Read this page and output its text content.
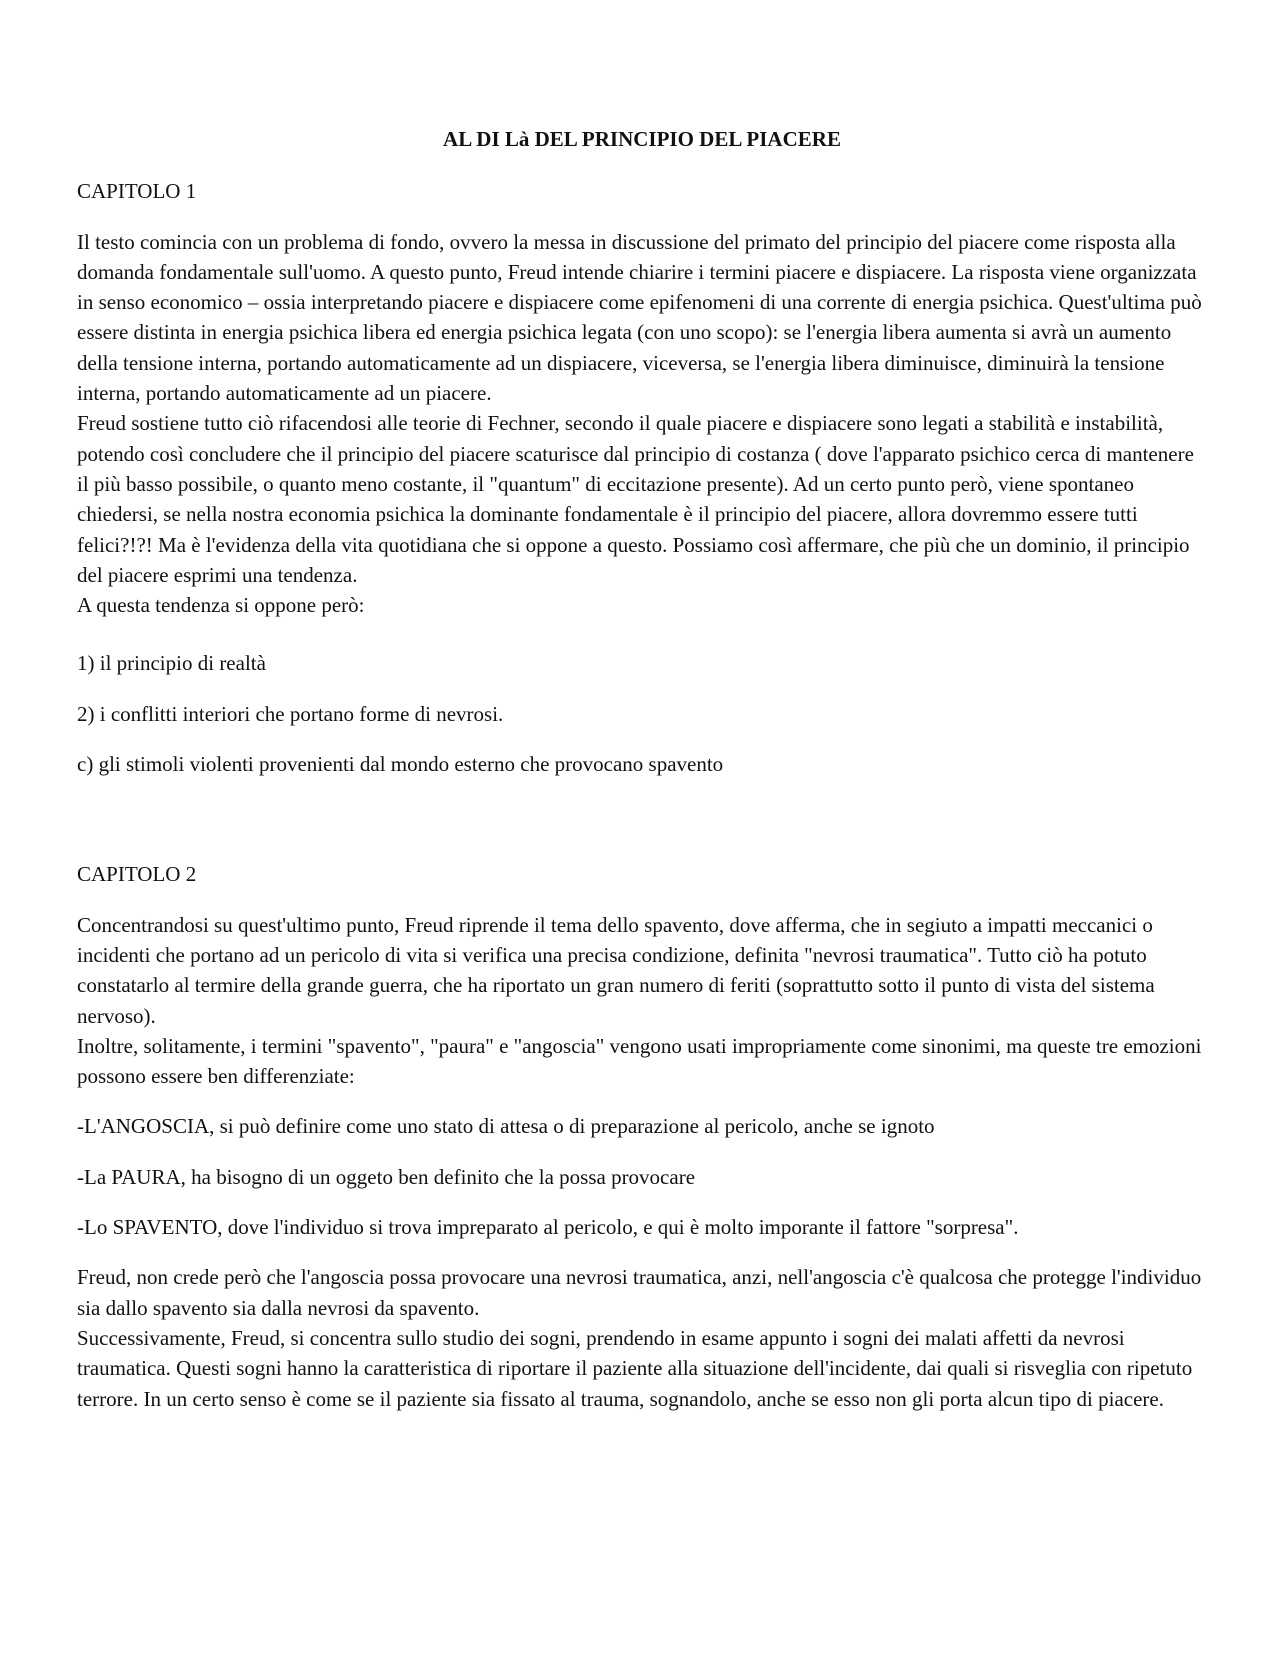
AL DI Là DEL PRINCIPIO DEL PIACERE
CAPITOLO 1

Il testo comincia con un problema di fondo, ovvero la messa in discussione del primato del principio del piacere come risposta alla domanda fondamentale sull'uomo. A questo punto, Freud intende chiarire i termini piacere e dispiacere. La risposta viene organizzata in senso economico – ossia interpretando piacere e dispiacere come epifenomeni di una corrente di energia psichica. Quest'ultima può essere distinta in energia psichica libera ed energia psichica legata (con uno scopo): se l'energia libera aumenta si avrà un aumento della tensione interna, portando automaticamente ad un dispiacere, viceversa, se l'energia libera diminuisce, diminuirà la tensione interna, portando automaticamente ad un piacere.

Freud sostiene tutto ciò rifacendosi alle teorie di Fechner, secondo il quale piacere e dispiacere sono legati a stabilità e instabilità, potendo così concludere che il principio del piacere scaturisce dal principio di costanza ( dove l'apparato psichico cerca di mantenere il più basso possibile, o quanto meno costante, il "quantum" di eccitazione presente). Ad un certo punto però, viene spontaneo chiedersi, se nella nostra economia psichica la dominante fondamentale è il principio del piacere, allora dovremmo essere tutti felici?!?! Ma è l'evidenza della vita quotidiana che si oppone a questo. Possiamo così affermare, che più che un dominio, il principio del piacere esprimi una tendenza.

A questa tendenza si oppone però:

1) il principio di realtà

2) i conflitti interiori che portano forme di nevrosi.

c) gli stimoli violenti provenienti dal mondo esterno che provocano spavento

CAPITOLO 2

Concentrandosi su quest'ultimo punto, Freud riprende il tema dello spavento, dove afferma, che in segiuto a impatti meccanici o incidenti che portano ad un pericolo di vita si verifica una precisa condizione, definita "nevrosi traumatica". Tutto ciò ha potuto constatarlo al termire della grande guerra, che ha riportato un gran numero di feriti (soprattutto sotto il punto di vista del sistema nervoso).

Inoltre, solitamente, i termini "spavento", "paura" e "angoscia" vengono usati impropriamente come sinonimi, ma queste tre emozioni possono essere ben differenziate:

-L'ANGOSCIA, si può definire come uno stato di attesa o di preparazione al pericolo, anche se ignoto

-La PAURA, ha bisogno di un oggeto ben definito che la possa provocare

-Lo SPAVENTO, dove l'individuo si trova impreparato al pericolo, e qui è molto imporante il fattore "sorpresa".

Freud, non crede però che l'angoscia possa provocare una nevrosi traumatica, anzi, nell'angoscia c'è qualcosa che protegge l'individuo sia dallo spavento sia dalla nevrosi da spavento.

Successivamente, Freud, si concentra sullo studio dei sogni, prendendo in esame appunto i sogni dei malati affetti da nevrosi traumatica. Questi sogni hanno la caratteristica di riportare il paziente alla situazione dell'incidente, dai quali si risveglia con ripetuto terrore. In un certo senso è come se il paziente sia fissato al trauma, sognandolo, anche se esso non gli porta alcun tipo di piacere.
